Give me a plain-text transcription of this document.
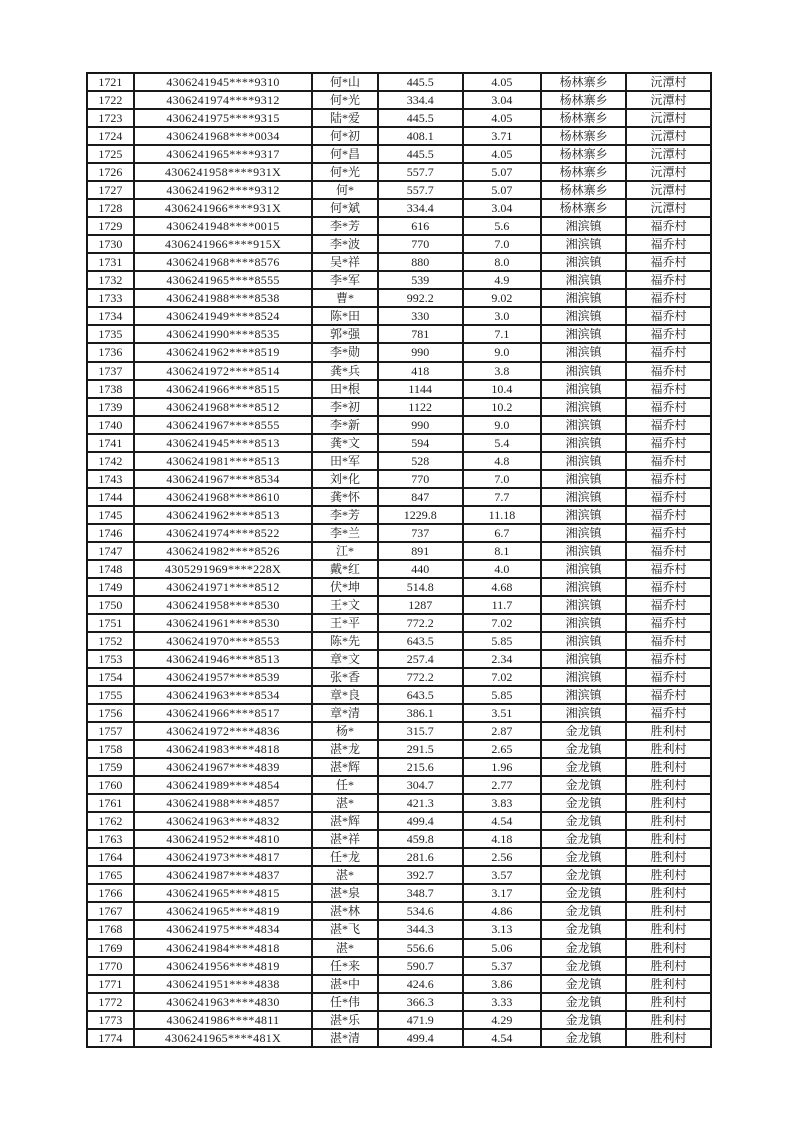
1721	4306241945****9310	何*山	445.5	4.05	杨林寨乡	沅潭村
1722	4306241974****9312	何*光	334.4	3.04	杨林寨乡	沅潭村
1723	4306241975****9315	陆*爱	445.5	4.05	杨林寨乡	沅潭村
1724	4306241968****0034	何*初	408.1	3.71	杨林寨乡	沅潭村
1725	4306241965****9317	何*昌	445.5	4.05	杨林寨乡	沅潭村
1726	4306241958****931X	何*光	557.7	5.07	杨林寨乡	沅潭村
1727	4306241962****9312	何*	557.7	5.07	杨林寨乡	沅潭村
1728	4306241966****931X	何*斌	334.4	3.04	杨林寨乡	沅潭村
1729	4306241948****0015	李*芳	616	5.6	湘滨镇	福乔村
1730	4306241966****915X	李*波	770	7.0	湘滨镇	福乔村
1731	4306241968****8576	吴*祥	880	8.0	湘滨镇	福乔村
1732	4306241965****8555	李*军	539	4.9	湘滨镇	福乔村
1733	4306241988****8538	曹*	992.2	9.02	湘滨镇	福乔村
1734	4306241949****8524	陈*田	330	3.0	湘滨镇	福乔村
1735	4306241990****8535	郭*强	781	7.1	湘滨镇	福乔村
1736	4306241962****8519	李*勋	990	9.0	湘滨镇	福乔村
1737	4306241972****8514	龚*兵	418	3.8	湘滨镇	福乔村
1738	4306241966****8515	田*根	1144	10.4	湘滨镇	福乔村
1739	4306241968****8512	李*初	1122	10.2	湘滨镇	福乔村
1740	4306241967****8555	李*新	990	9.0	湘滨镇	福乔村
1741	4306241945****8513	龚*文	594	5.4	湘滨镇	福乔村
1742	4306241981****8513	田*军	528	4.8	湘滨镇	福乔村
1743	4306241967****8534	刘*化	770	7.0	湘滨镇	福乔村
1744	4306241968****8610	龚*怀	847	7.7	湘滨镇	福乔村
1745	4306241962****8513	李*芳	1229.8	11.18	湘滨镇	福乔村
1746	4306241974****8522	李*兰	737	6.7	湘滨镇	福乔村
1747	4306241982****8526	江*	891	8.1	湘滨镇	福乔村
1748	4305291969****228X	戴*红	440	4.0	湘滨镇	福乔村
1749	4306241971****8512	伏*坤	514.8	4.68	湘滨镇	福乔村
1750	4306241958****8530	王*文	1287	11.7	湘滨镇	福乔村
1751	4306241961****8530	王*平	772.2	7.02	湘滨镇	福乔村
1752	4306241970****8553	陈*先	643.5	5.85	湘滨镇	福乔村
1753	4306241946****8513	章*文	257.4	2.34	湘滨镇	福乔村
1754	4306241957****8539	张*香	772.2	7.02	湘滨镇	福乔村
1755	4306241963****8534	章*良	643.5	5.85	湘滨镇	福乔村
1756	4306241966****8517	章*清	386.1	3.51	湘滨镇	福乔村
1757	4306241972****4836	杨*	315.7	2.87	金龙镇	胜利村
1758	4306241983****4818	湛*龙	291.5	2.65	金龙镇	胜利村
1759	4306241967****4839	湛*辉	215.6	1.96	金龙镇	胜利村
1760	4306241989****4854	任*	304.7	2.77	金龙镇	胜利村
1761	4306241988****4857	湛*	421.3	3.83	金龙镇	胜利村
1762	4306241963****4832	湛*辉	499.4	4.54	金龙镇	胜利村
1763	4306241952****4810	湛*祥	459.8	4.18	金龙镇	胜利村
1764	4306241973****4817	任*龙	281.6	2.56	金龙镇	胜利村
1765	4306241987****4837	湛*	392.7	3.57	金龙镇	胜利村
1766	4306241965****4815	湛*泉	348.7	3.17	金龙镇	胜利村
1767	4306241965****4819	湛*林	534.6	4.86	金龙镇	胜利村
1768	4306241975****4834	湛*飞	344.3	3.13	金龙镇	胜利村
1769	4306241984****4818	湛*	556.6	5.06	金龙镇	胜利村
1770	4306241956****4819	任*来	590.7	5.37	金龙镇	胜利村
1771	4306241951****4838	湛*中	424.6	3.86	金龙镇	胜利村
1772	4306241963****4830	任*伟	366.3	3.33	金龙镇	胜利村
1773	4306241986****4811	湛*乐	471.9	4.29	金龙镇	胜利村
1774	4306241965****481X	湛*清	499.4	4.54	金龙镇	胜利村
